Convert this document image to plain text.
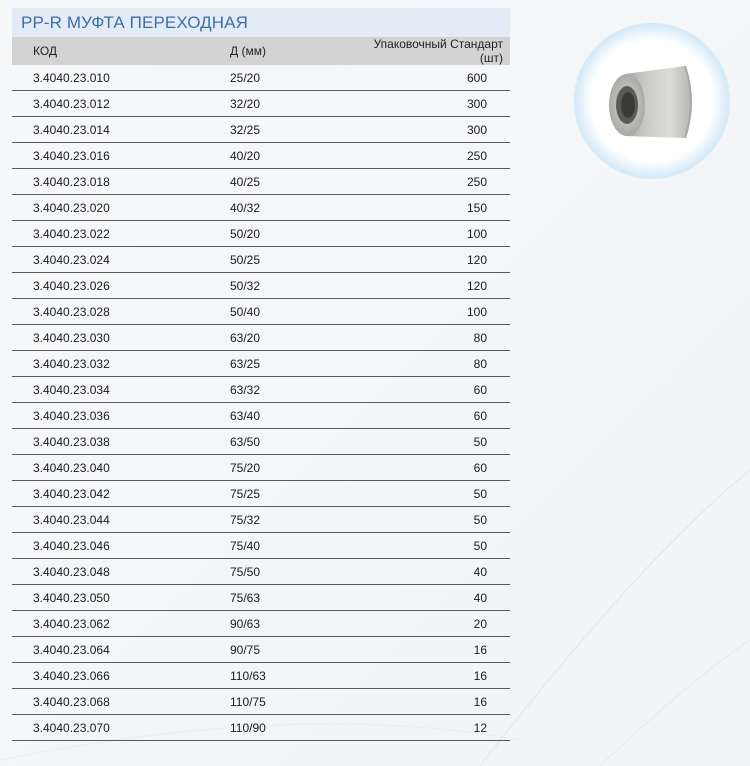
PP-R МУФТА ПЕРЕХОДНАЯ
КОД	Д (мм)	Упаковочный Стандарт (шт)
3.4040.23.010	25/20	600
3.4040.23.012	32/20	300
3.4040.23.014	32/25	300
3.4040.23.016	40/20	250
3.4040.23.018	40/25	250
3.4040.23.020	40/32	150
3.4040.23.022	50/20	100
3.4040.23.024	50/25	120
3.4040.23.026	50/32	120
3.4040.23.028	50/40	100
3.4040.23.030	63/20	80
3.4040.23.032	63/25	80
3.4040.23.034	63/32	60
3.4040.23.036	63/40	60
3.4040.23.038	63/50	50
3.4040.23.040	75/20	60
3.4040.23.042	75/25	50
3.4040.23.044	75/32	50
3.4040.23.046	75/40	50
3.4040.23.048	75/50	40
3.4040.23.050	75/63	40
3.4040.23.062	90/63	20
3.4040.23.064	90/75	16
3.4040.23.066	110/63	16
3.4040.23.068	110/75	16
3.4040.23.070	110/90	12
